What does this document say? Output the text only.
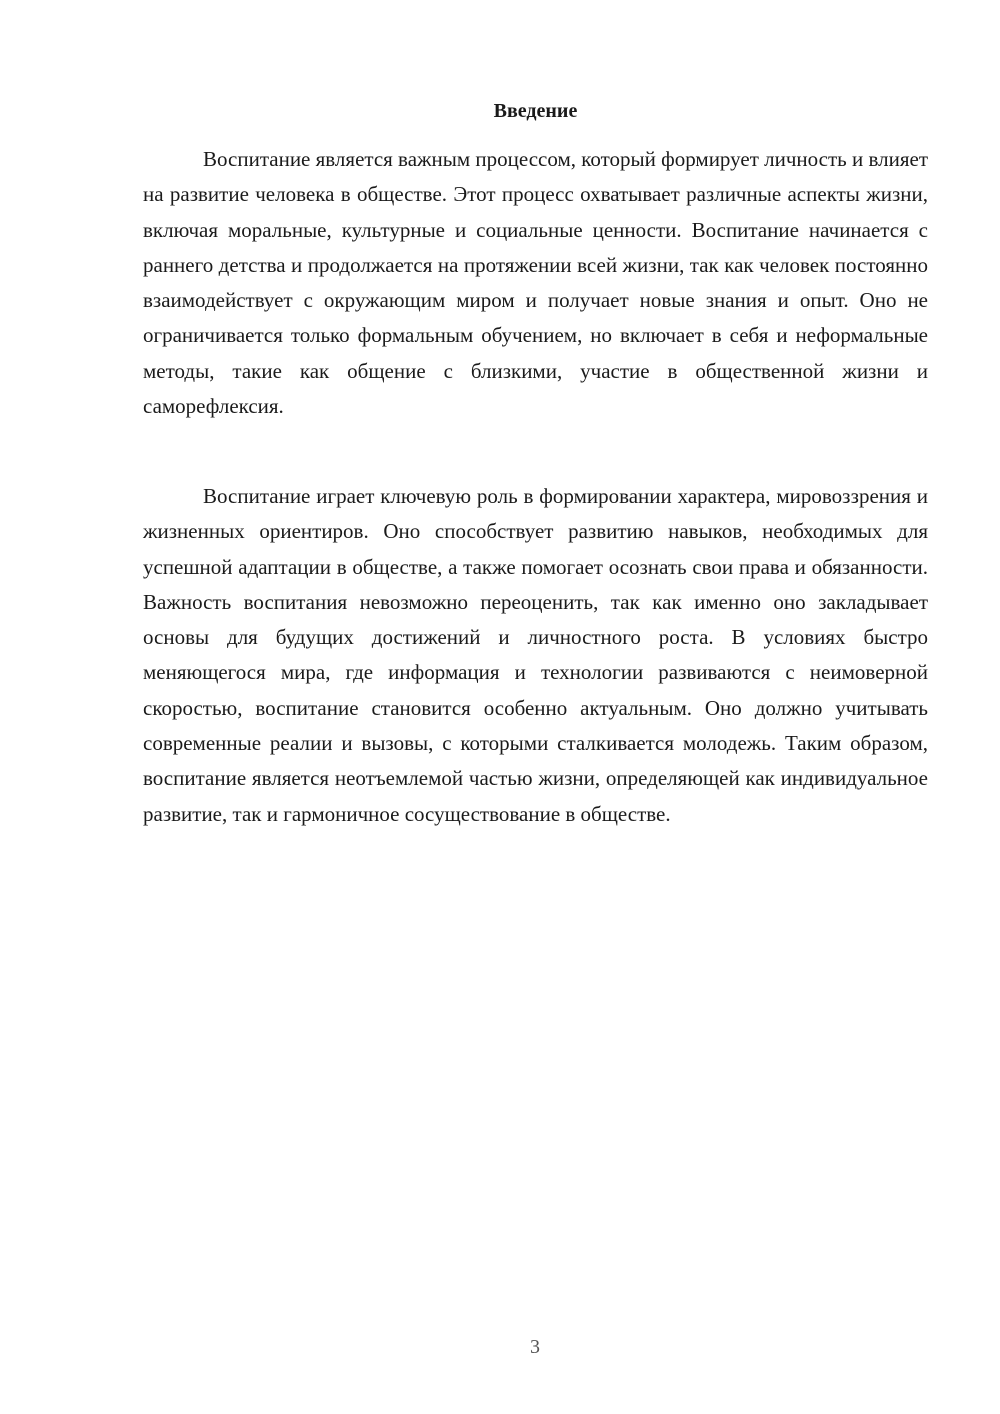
Введение

Воспитание является важным процессом, который формирует личность и влияет на развитие человека в обществе. Этот процесс охватывает различные аспекты жизни, включая моральные, культурные и социальные ценности. Воспитание начинается с раннего детства и продолжается на протяжении всей жизни, так как человек постоянно взаимодействует с окружающим миром и получает новые знания и опыт. Оно не ограничивается только формальным обучением, но включает в себя и неформальные методы, такие как общение с близкими, участие в общественной жизни и саморефлексия.

Воспитание играет ключевую роль в формировании характера, мировоззрения и жизненных ориентиров. Оно способствует развитию навыков, необходимых для успешной адаптации в обществе, а также помогает осознать свои права и обязанности. Важность воспитания невозможно переоценить, так как именно оно закладывает основы для будущих достижений и личностного роста. В условиях быстро меняющегося мира, где информация и технологии развиваются с неимоверной скоростью, воспитание становится особенно актуальным. Оно должно учитывать современные реалии и вызовы, с которыми сталкивается молодежь. Таким образом, воспитание является неотъемлемой частью жизни, определяющей как индивидуальное развитие, так и гармоничное сосуществование в обществе.

3
